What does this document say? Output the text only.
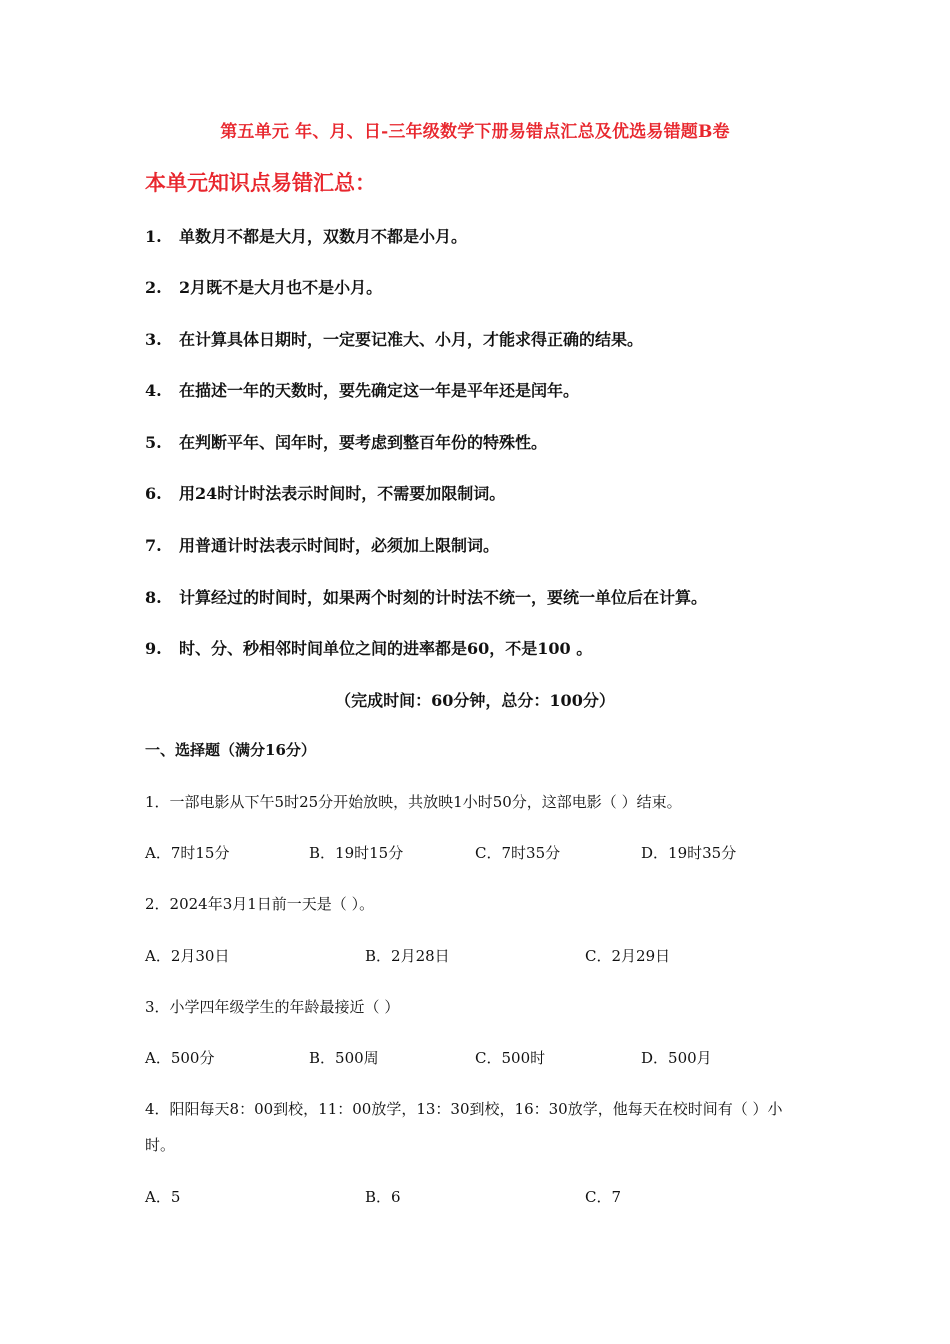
第五单元 年、月、日-三年级数学下册易错点汇总及优选易错题B卷
本单元知识点易错汇总：
1. 单数月不都是大月，双数月不都是小月。
2. 2月既不是大月也不是小月。
3. 在计算具体日期时，一定要记准大、小月，才能求得正确的结果。
4. 在描述一年的天数时，要先确定这一年是平年还是闰年。
5. 在判断平年、闰年时，要考虑到整百年份的特殊性。
6. 用24时计时法表示时间时，不需要加限制词。
7. 用普通计时法表示时间时，必须加上限制词。
8. 计算经过的时间时，如果两个时刻的计时法不统一，要统一单位后在计算。
9. 时、分、秒相邻时间单位之间的进率都是60，不是100 。
（完成时间：60分钟，总分：100分）
一、选择题（满分16分）
1．一部电影从下午5时25分开始放映，共放映1小时50分，这部电影（ ）结束。
A．7时15分	B．19时15分	C．7时35分	D．19时35分
2．2024年3月1日前一天是（ ）。
A．2月30日	B．2月28日	C．2月29日
3．小学四年级学生的年龄最接近（ ）
A．500分	B．500周	C．500时	D．500月
4．阳阳每天8：00到校，11：00放学，13：30到校，16：30放学，他每天在校时间有（ ）小时。
A．5	B．6	C．7
